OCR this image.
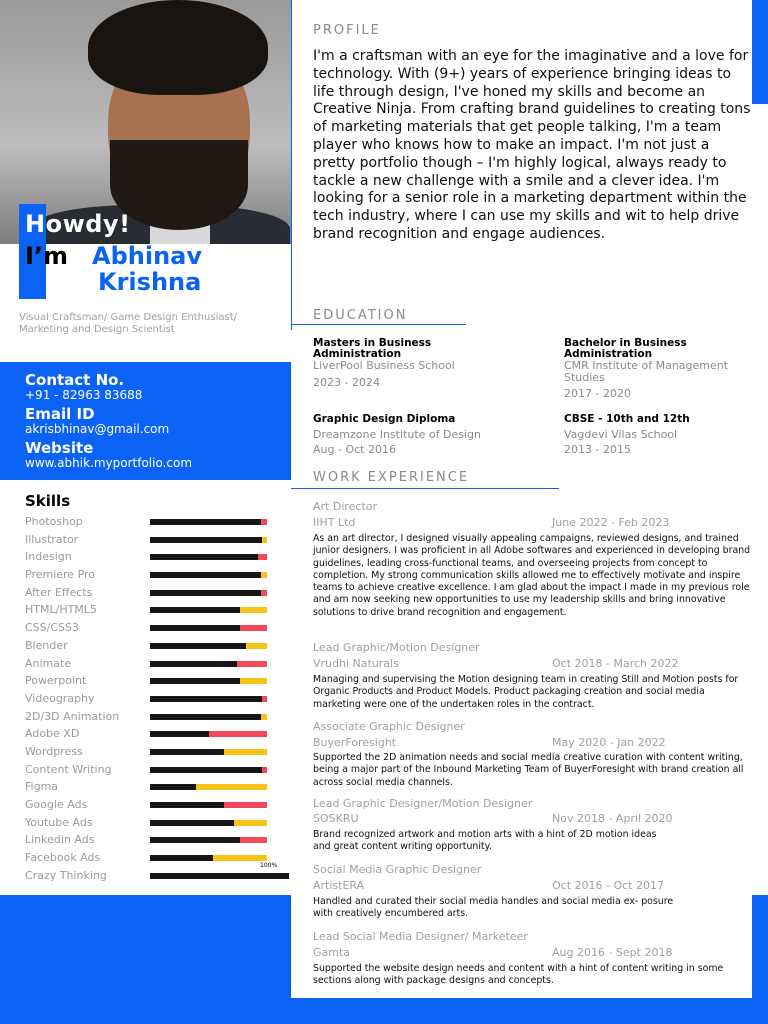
Howdy!
I’m Abhinav
Krishna
Visual Craftsman/ Game Design Enthusiast/ Marketing and Design Scientist
Contact No.
+91 - 82963 83688
Email ID
akrisbhinav@gmail.com
Website
www.abhik.myportfolio.com
Skills
Photoshop
Illustrator
Indesign
Premiere Pro
After Effects
HTML/HTML5
CSS/CSS3
Blender
Animate
Powerpoint
Videography
2D/3D Animation
Adobe XD
Wordpress
Content Writing
Figma
Google Ads
Youtube Ads
Linkedin Ads
Facebook Ads
Crazy Thinking
100%
PROFILE
I'm a craftsman with an eye for the imaginative and a love for technology. With (9+) years of experience bringing ideas to life through design, I've honed my skills and become an Creative Ninja. From crafting brand guidelines to creating tons of marketing materials that get people talking, I'm a team player who knows how to make an impact. I'm not just a pretty portfolio though – I'm highly logical, always ready to tackle a new challenge with a smile and a clever idea. I'm looking for a senior role in a marketing department within the tech industry, where I can use my skills and wit to help drive brand recognition and engage audiences.
EDUCATION
Masters in Business Administration
LiverPool Business School
2023 - 2024
Bachelor in Business Administration
CMR Institute of Management Studies
2017 - 2020
Graphic Design Diploma
Dreamzone Institute of Design
Aug - Oct 2016
CBSE - 10th and 12th
Vagdevi Vilas School
2013 - 2015
WORK EXPERIENCE
Art Director
IIHT Ltd	June 2022 - Feb 2023
As an art director, I designed visually appealing campaigns, reviewed designs, and trained junior designers. I was proficient in all Adobe softwares and experienced in developing brand guidelines, leading cross-functional teams, and overseeing projects from concept to completion. My strong communication skills allowed me to effectively motivate and inspire teams to achieve creative excellence. I am glad about the impact I made in my previous role and am now seeking new opportunities to use my leadership skills and bring innovative solutions to drive brand recognition and engagement.
Lead Graphic/Motion Designer
Vrudhi Naturals	Oct 2018 - March 2022
Managing and supervising the Motion designing team in creating Still and Motion posts for Organic Products and Product Models. Product packaging creation and social media marketing were one of the undertaken roles in the contract.
Associate Graphic Designer
BuyerForesight	May 2020 - Jan 2022
Supported the 2D animation needs and social media creative curation with content writing, being a major part of the Inbound Marketing Team of BuyerForesight with brand creation all across social media channels.
Lead Graphic Designer/Motion Designer
SOSKRU	Nov 2018 - April 2020
Brand recognized artwork and motion arts with a hint of 2D motion ideas and great content writing opportunity.
Social Media Graphic Designer
ArtistERA	Oct 2016 - Oct 2017
Handled and curated their social media handles and social media ex- posure with creatively encumbered arts.
Lead Social Media Designer/ Marketeer
Gamta	Aug 2016 - Sept 2018
Supported the website design needs and content with a hint of content writing in some sections along with package designs and concepts.
